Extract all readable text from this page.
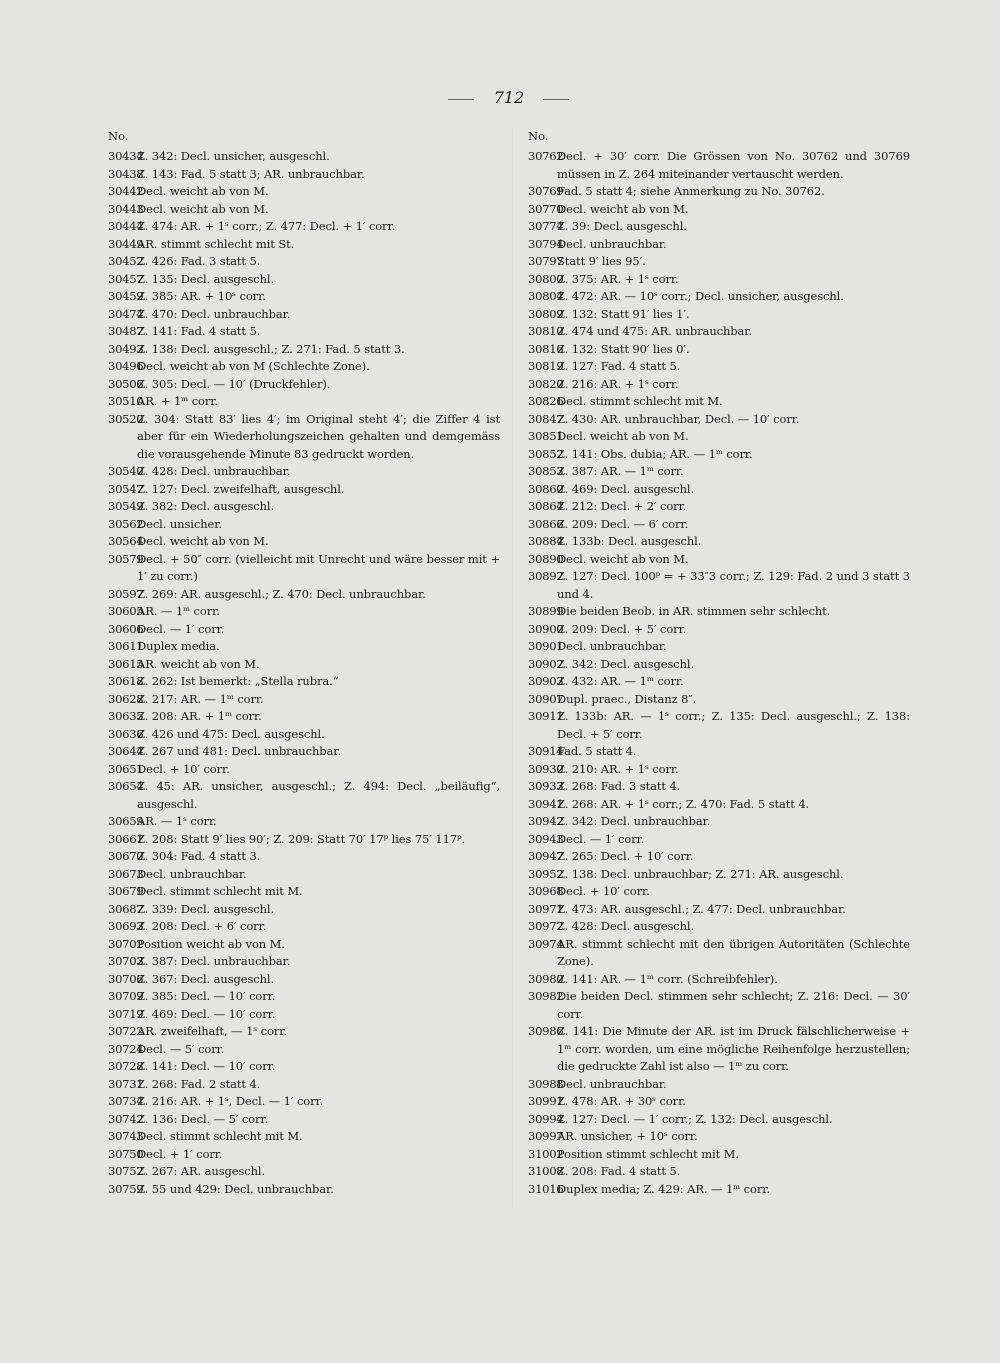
712
No.
30434
Z. 342: Decl. unsicher, ausgeschl.
30438
Z. 143: Fad. 5 statt 3; AR. unbrauchbar.
30442
Decl. weicht ab von M.
30443
Decl. weicht ab von M.
30444
Z. 474: AR. + 1ˢ corr.; Z. 477: Decl. + 1′ corr.
30449
AR. stimmt schlecht mit St.
30452
Z. 426: Fad. 3 statt 5.
30457
Z. 135: Decl. ausgeschl.
30459
Z. 385: AR. + 10ˢ corr.
30474
Z. 470: Decl. unbrauchbar.
30487
Z. 141: Fad. 4 statt 5.
30493
Z. 138: Decl. ausgeschl.; Z. 271: Fad. 5 statt 3.
30496
Decl. weicht ab von M (Schlechte Zone).
30506
Z. 305: Decl. — 10′ (Druckfehler).
30510
AR. + 1ᵐ corr.
30520
Z. 304: Statt 83′ lies 4′; im Original steht 4′; die Ziffer 4 ist aber für ein Wiederholungszeichen gehalten und demgemäss die vorausgehende Minute 83 gedruckt worden.
30540
Z. 428: Decl. unbrauchbar.
30547
Z. 127: Decl. zweifelhaft, ausgeschl.
30549
Z. 382: Decl. ausgeschl.
30562
Decl. unsicher.
30564
Decl. weicht ab von M.
30579
Decl. + 50″ corr. (vielleicht mit Unrecht und wäre besser mit + 1′ zu corr.)
30597
Z. 269: AR. ausgeschl.; Z. 470: Decl. unbrauchbar.
30605
AR. — 1ᵐ corr.
30606
Decl. — 1′ corr.
30611
Duplex media.
30615
AR. weicht ab von M.
30618
Z. 262: Ist bemerkt: „Stella rubra.“
30628
Z. 217: AR. — 1ᵐ corr.
30635
Z. 208: AR. + 1ᵐ corr.
30636
Z. 426 und 475: Decl. ausgeschl.
30644
Z. 267 und 481: Decl. unbrauchbar.
30651
Decl. + 10′ corr.
30654
Z. 45: AR. unsicher, ausgeschl.; Z. 494: Decl. „beiläufig“, ausgeschl.
30659
AR. — 1ˢ corr.
30661
Z. 208: Statt 9′ lies 90′; Z. 209: Statt 70′ 17ᵖ lies 75′ 117ᵖ.
30670
Z. 304: Fad. 4 statt 3.
30673
Decl. unbrauchbar.
30679
Decl. stimmt schlecht mit M.
30687
Z. 339: Decl. ausgeschl.
30693
Z. 208: Decl. + 6′ corr.
30702
Position weicht ab von M.
30703
Z. 387: Decl. unbrauchbar.
30706
Z. 367: Decl. ausgeschl.
30709
Z. 385: Decl. — 10′ corr.
30719
Z. 469: Decl. — 10′ corr.
30722
AR. zweifelhaft, — 1ˢ corr.
30724
Decl. — 5′ corr.
30728
Z. 141: Decl. — 10′ corr.
30731
Z. 268: Fad. 2 statt 4.
30734
Z. 216: AR. + 1ˢ, Decl. — 1′ corr.
30742
Z. 136: Decl. — 5′ corr.
30743
Decl. stimmt schlecht mit M.
30750
Decl. + 1′ corr.
30752
Z. 267: AR. ausgeschl.
30759
Z. 55 und 429: Decl. unbrauchbar.
No.
30762
Decl. + 30′ corr. Die Grössen von No. 30762 und 30769 müssen in Z. 264 miteinander vertauscht werden.
30769
Fad. 5 statt 4; siehe Anmerkung zu No. 30762.
30770
Decl. weicht ab von M.
30774
Z. 39: Decl. ausgeschl.
30794
Decl. unbrauchbar.
30797
Statt 9′ lies 95′.
30800
Z. 375: AR. + 1ˢ corr.
30804
Z. 472: AR. — 10ˢ corr.; Decl. unsicher, ausgeschl.
30809
Z. 132: Statt 91′ lies 1′.
30810
Z. 474 und 475: AR. unbrauchbar.
30816
Z. 132: Statt 90′ lies 0′.
30819
Z. 127: Fad. 4 statt 5.
30820
Z. 216: AR. + 1ˢ corr.
30826
Decl. stimmt schlecht mit M.
30847
Z. 430: AR. unbrauchbar, Decl. — 10′ corr.
30851
Decl. weicht ab von M.
30852
Z. 141: Obs. dubia; AR. — 1ᵐ corr.
30853
Z. 387: AR. — 1ᵐ corr.
30860
Z. 469: Decl. ausgeschl.
30864
Z. 212: Decl. + 2′ corr.
30866
Z. 209: Decl. — 6′ corr.
30884
Z. 133b: Decl. ausgeschl.
30890
Decl. weicht ab von M.
30892
Z. 127: Decl. 100ᵖ = + 33″3 corr.; Z. 129: Fad. 2 und 3 statt 3 und 4.
30899
Die beiden Beob. in AR. stimmen sehr schlecht.
30900
Z. 209: Decl. + 5′ corr.
30901
Decl. unbrauchbar.
30902
Z. 342: Decl. ausgeschl.
30903
Z. 432: AR. — 1ᵐ corr.
30907
Dupl. praec., Distanz 8″.
30911
Z. 133b: AR. — 1ˢ corr.; Z. 135: Decl. ausgeschl.; Z. 138: Decl. + 5′ corr.
30914
Fad. 5 statt 4.
30930
Z. 210: AR. + 1ˢ corr.
30933
Z. 268: Fad. 3 statt 4.
30941
Z. 268: AR. + 1ˢ corr.; Z. 470: Fad. 5 statt 4.
30942
Z. 342: Decl. unbrauchbar.
30943
Decl. — 1′ corr.
30947
Z. 265: Decl. + 10′ corr.
30952
Z. 138: Decl. unbrauchbar; Z. 271: AR. ausgeschl.
30968
Decl. + 10′ corr.
30971
Z. 473: AR. ausgeschl.; Z. 477: Decl. unbrauchbar.
30972
Z. 428: Decl. ausgeschl.
30974
AR. stimmt schlecht mit den übrigen Autoritäten (Schlechte Zone).
30980
Z. 141: AR. — 1ᵐ corr. (Schreibfehler).
30982
Die beiden Decl. stimmen sehr schlecht; Z. 216: Decl. — 30′ corr.
30986
Z. 141: Die Minute der AR. ist im Druck fälschlicherweise + 1ᵐ corr. worden, um eine mögliche Reihenfolge herzustellen; die gedruckte Zahl ist also — 1ᵐ zu corr.
30988
Decl. unbrauchbar.
30991
Z. 478: AR. + 30ˢ corr.
30994
Z. 127: Decl. — 1′ corr.; Z. 132: Decl. ausgeschl.
30997
AR. unsicher, + 10ˢ corr.
31002
Position stimmt schlecht mit M.
31008
Z. 208: Fad. 4 statt 5.
31016
Duplex media; Z. 429: AR. — 1ᵐ corr.
